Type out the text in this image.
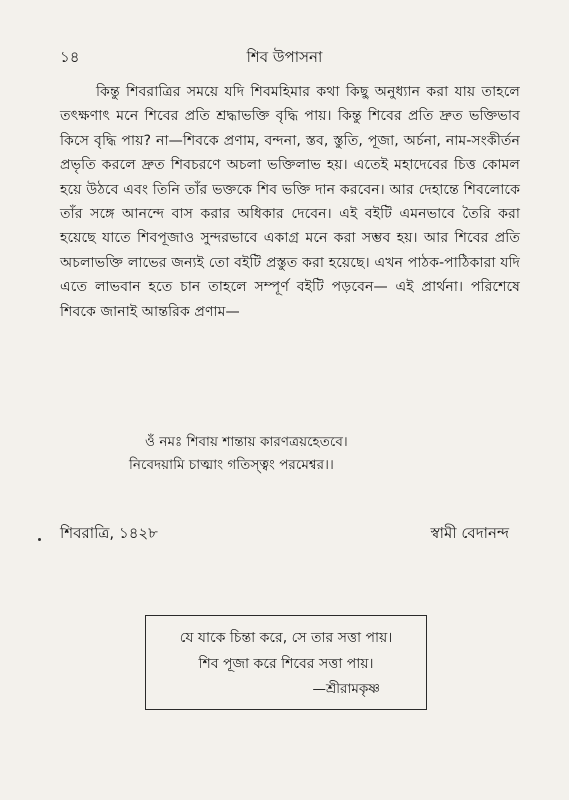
১৪	শিব উপাসনা

কিন্তু শিবরাত্রির সময়ে যদি শিবমহিমার কথা কিছু অনুধ্যান করা যায় তাহলে তৎক্ষণাৎ মনে শিবের প্রতি শ্রদ্ধাভক্তি বৃদ্ধি পায়। কিন্তু শিবের প্রতি দ্রুত ভক্তিভাব কিসে বৃদ্ধি পায়? না—শিবকে প্রণাম, বন্দনা, স্তব, স্তুতি, পূজা, অর্চনা, নাম-সংকীর্তন প্রভৃতি করলে দ্রুত শিবচরণে অচলা ভক্তিলাভ হয়। এতেই মহাদেবের চিত্ত কোমল হয়ে উঠবে এবং তিনি তাঁর ভক্তকে শিব ভক্তি দান করবেন। আর দেহান্তে শিবলোকে তাঁর সঙ্গে আনন্দে বাস করার অধিকার দেবেন। এই বইটি এমনভাবে তৈরি করা হয়েছে যাতে শিবপূজাও সুন্দরভাবে একাগ্র মনে করা সম্ভব হয়। আর শিবের প্রতি অচলাভক্তি লাভের জন্যই তো বইটি প্রস্তুত করা হয়েছে। এখন পাঠক-পাঠিকারা যদি এতে লাভবান হতে চান তাহলে সম্পূর্ণ বইটি পড়বেন— এই প্রার্থনা। পরিশেষে শিবকে জানাই আন্তরিক প্রণাম—

ওঁ নমঃ শিবায় শান্তায় কারণত্রয়হেতবে।
নিবেদয়ামি চাত্মাং গতিস্ত্বং পরমেশ্বর।।
শিবরাত্রি, ১৪২৮	স্বামী বেদানন্দ
যে যাকে চিন্তা করে, সে তার সত্তা পায়।
শিব পূজা করে শিবের সত্তা পায়।
—শ্রীরামকৃষ্ণ
